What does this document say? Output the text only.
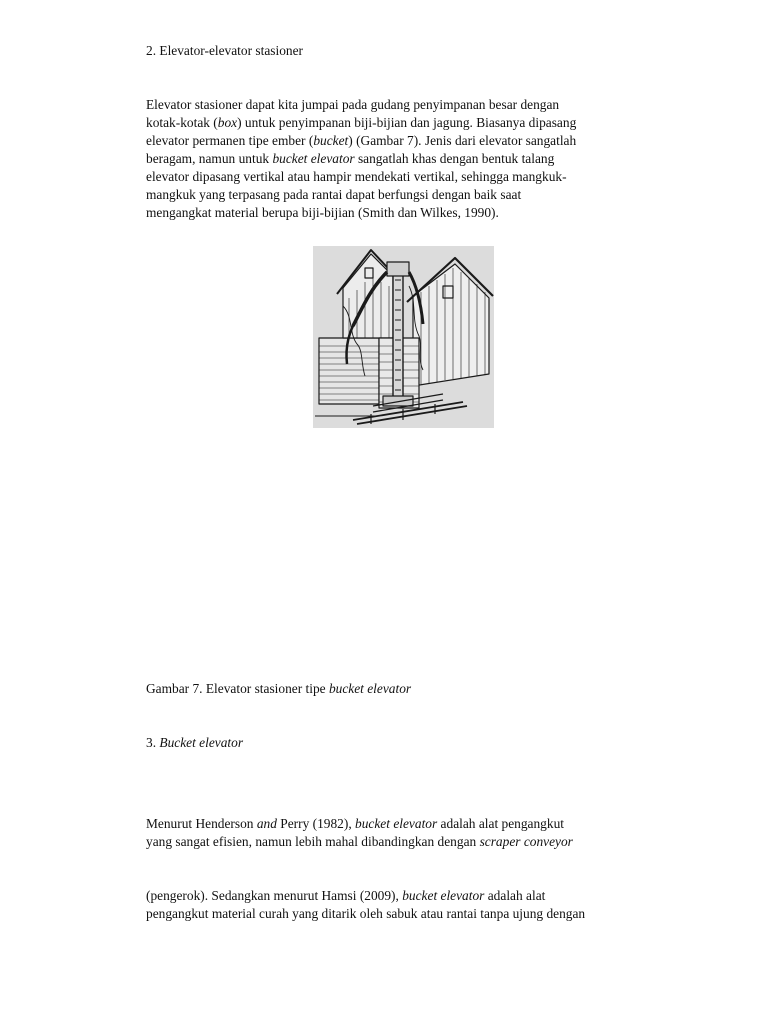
2. Elevator-elevator stasioner

Elevator stasioner dapat kita jumpai pada gudang penyimpanan besar dengan

kotak-kotak (box) untuk penyimpanan biji-bijian dan jagung. Biasanya dipasang

elevator permanen tipe ember (bucket) (Gambar 7). Jenis dari elevator sangatlah

beragam, namun untuk bucket elevator sangatlah khas dengan bentuk talang

elevator dipasang vertikal atau hampir mendekati vertikal, sehingga mangkuk-

mangkuk yang terpasang pada rantai dapat berfungsi dengan baik saat

mengangkat material berupa biji-bijian (Smith dan Wilkes, 1990).

Gambar 7. Elevator stasioner tipe bucket elevator

3. Bucket elevator

Menurut Henderson and Perry (1982), bucket elevator adalah alat pengangkut

yang sangat efisien, namun lebih mahal dibandingkan dengan scraper conveyor

(pengerok). Sedangkan menurut Hamsi (2009), bucket elevator adalah alat

pengangkut material curah yang ditarik oleh sabuk atau rantai tanpa ujung dengan
